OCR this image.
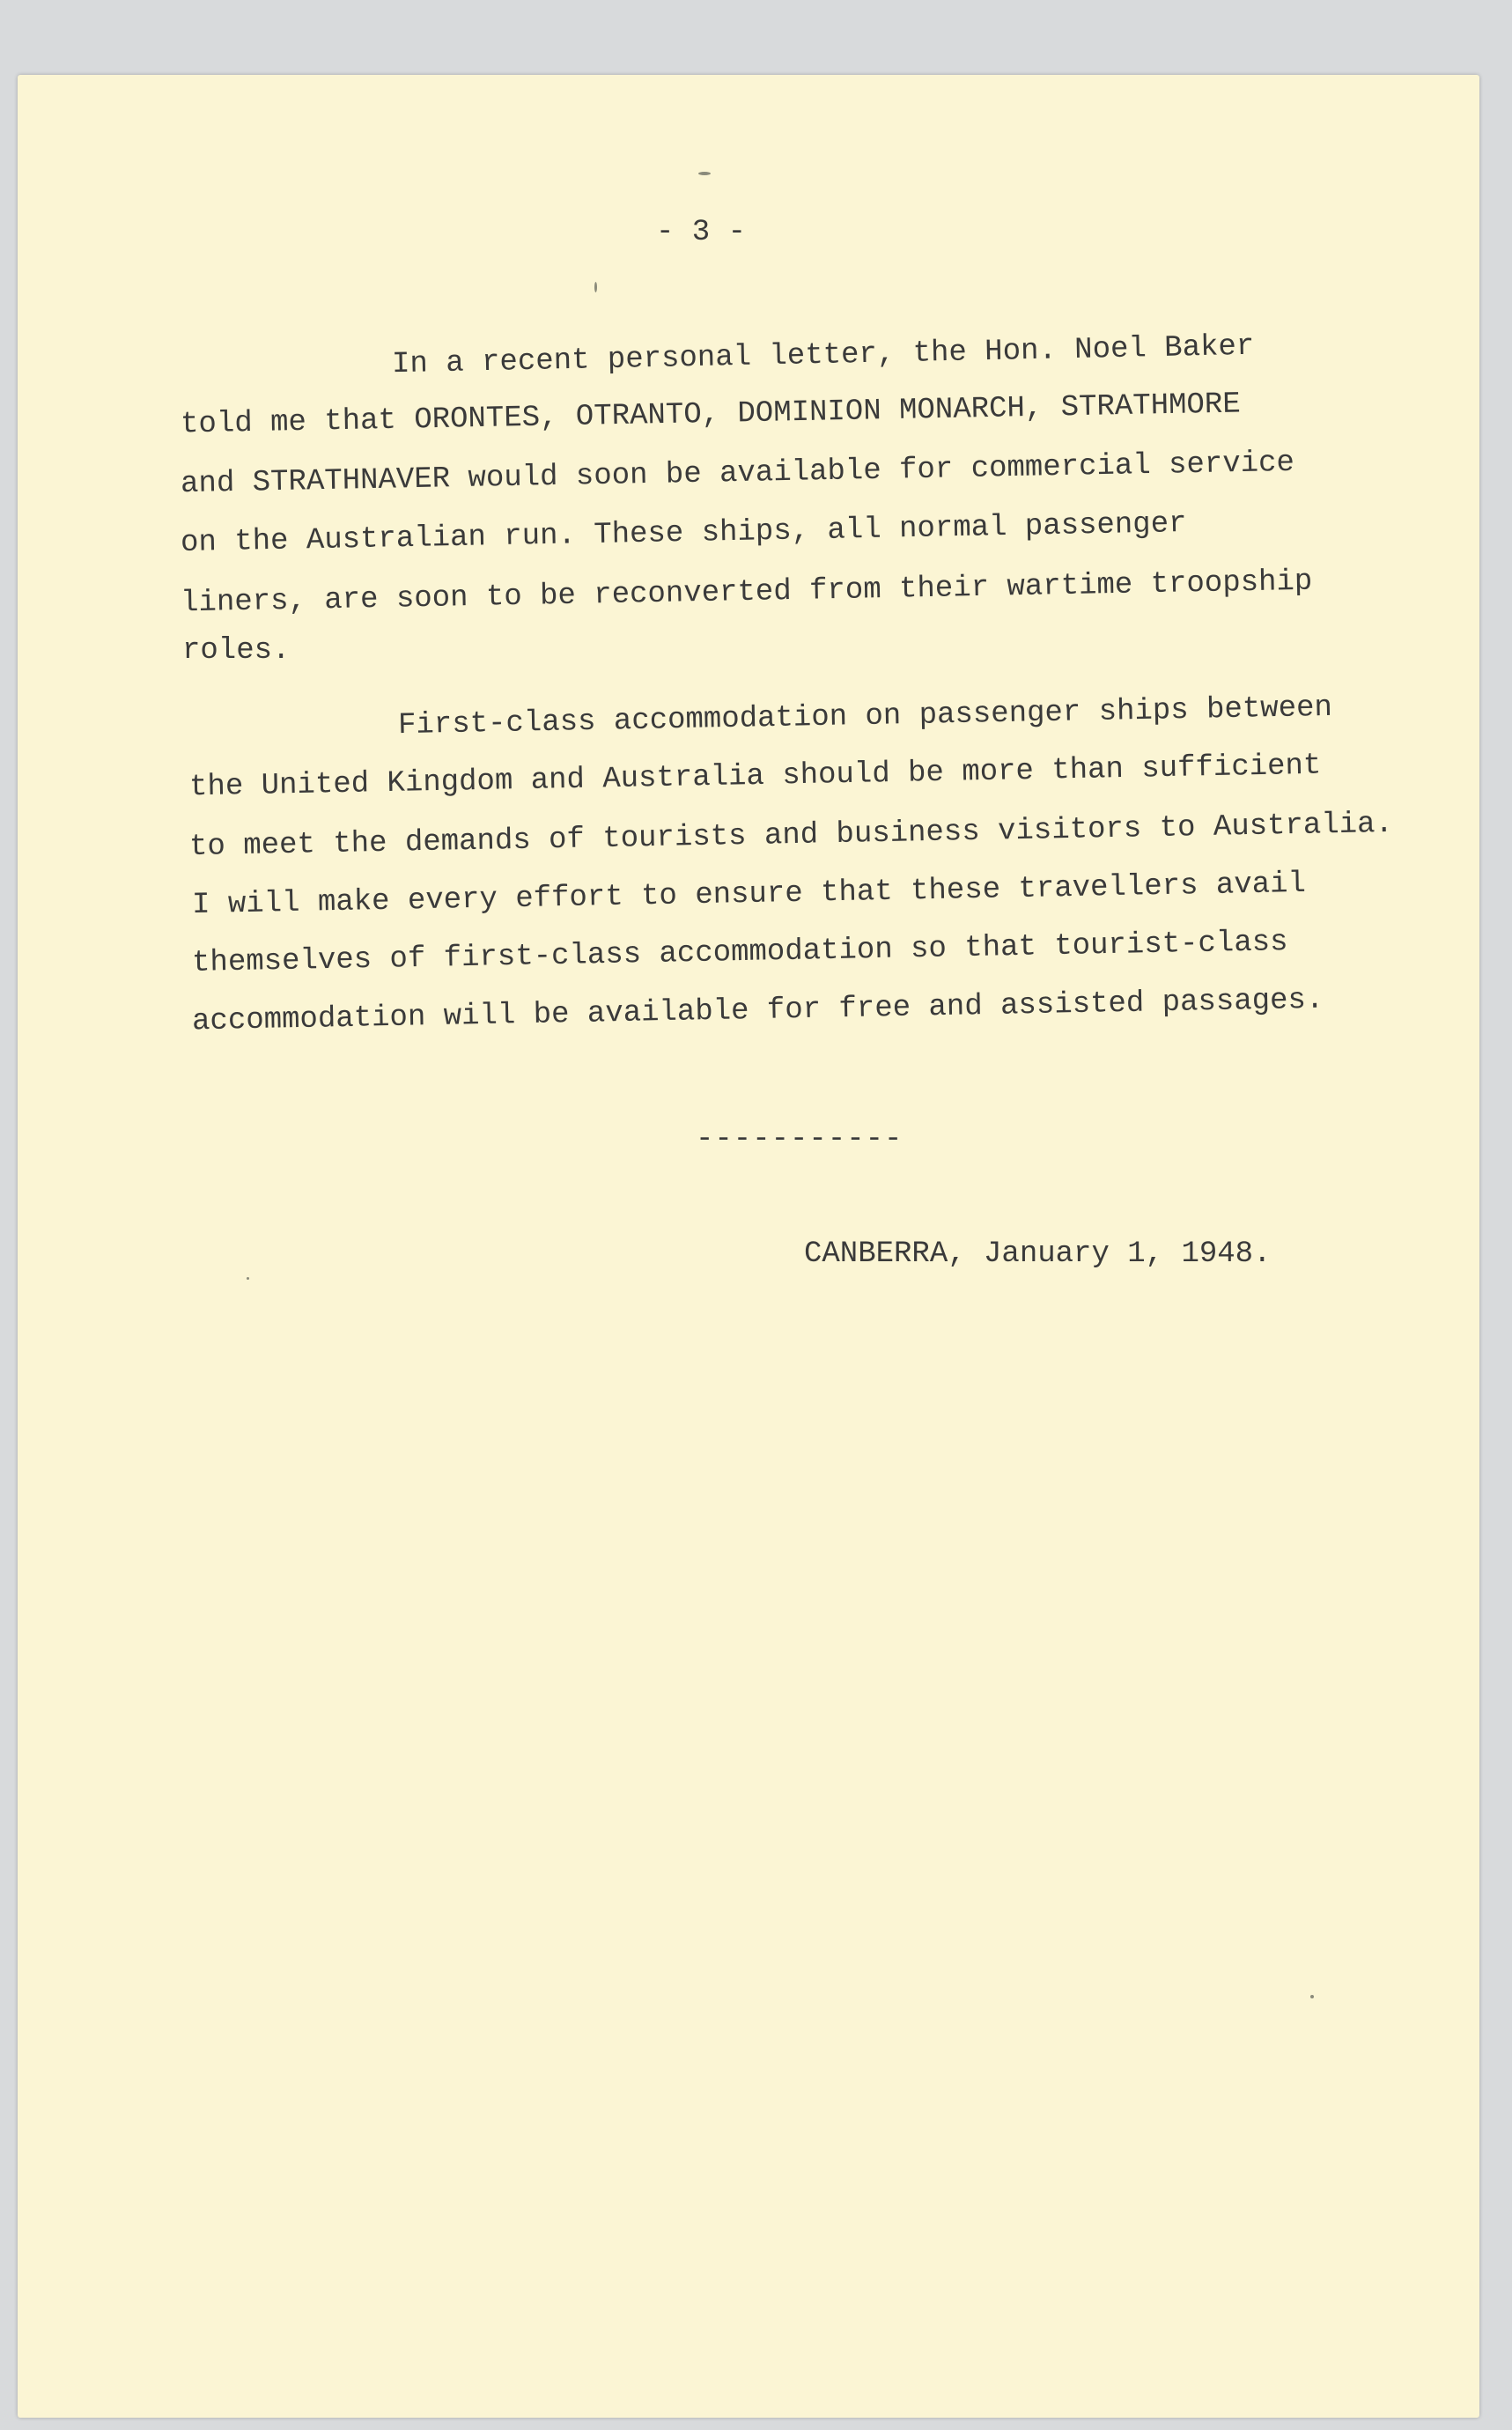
- 3 -
In a recent personal letter, the Hon. Noel Baker
told me that ORONTES, OTRANTO, DOMINION MONARCH, STRATHMORE
and STRATHNAVER would soon be available for commercial service
on the Australian run. These ships, all normal passenger
liners, are soon to be reconverted from their wartime troopship
roles.
First-class accommodation on passenger ships between
the United Kingdom and Australia should be more than sufficient
to meet the demands of tourists and business visitors to Australia.
I will make every effort to ensure that these travellers avail
themselves of first-class accommodation so that tourist-class
accommodation will be available for free and assisted passages.
-----------
CANBERRA, January 1, 1948.
